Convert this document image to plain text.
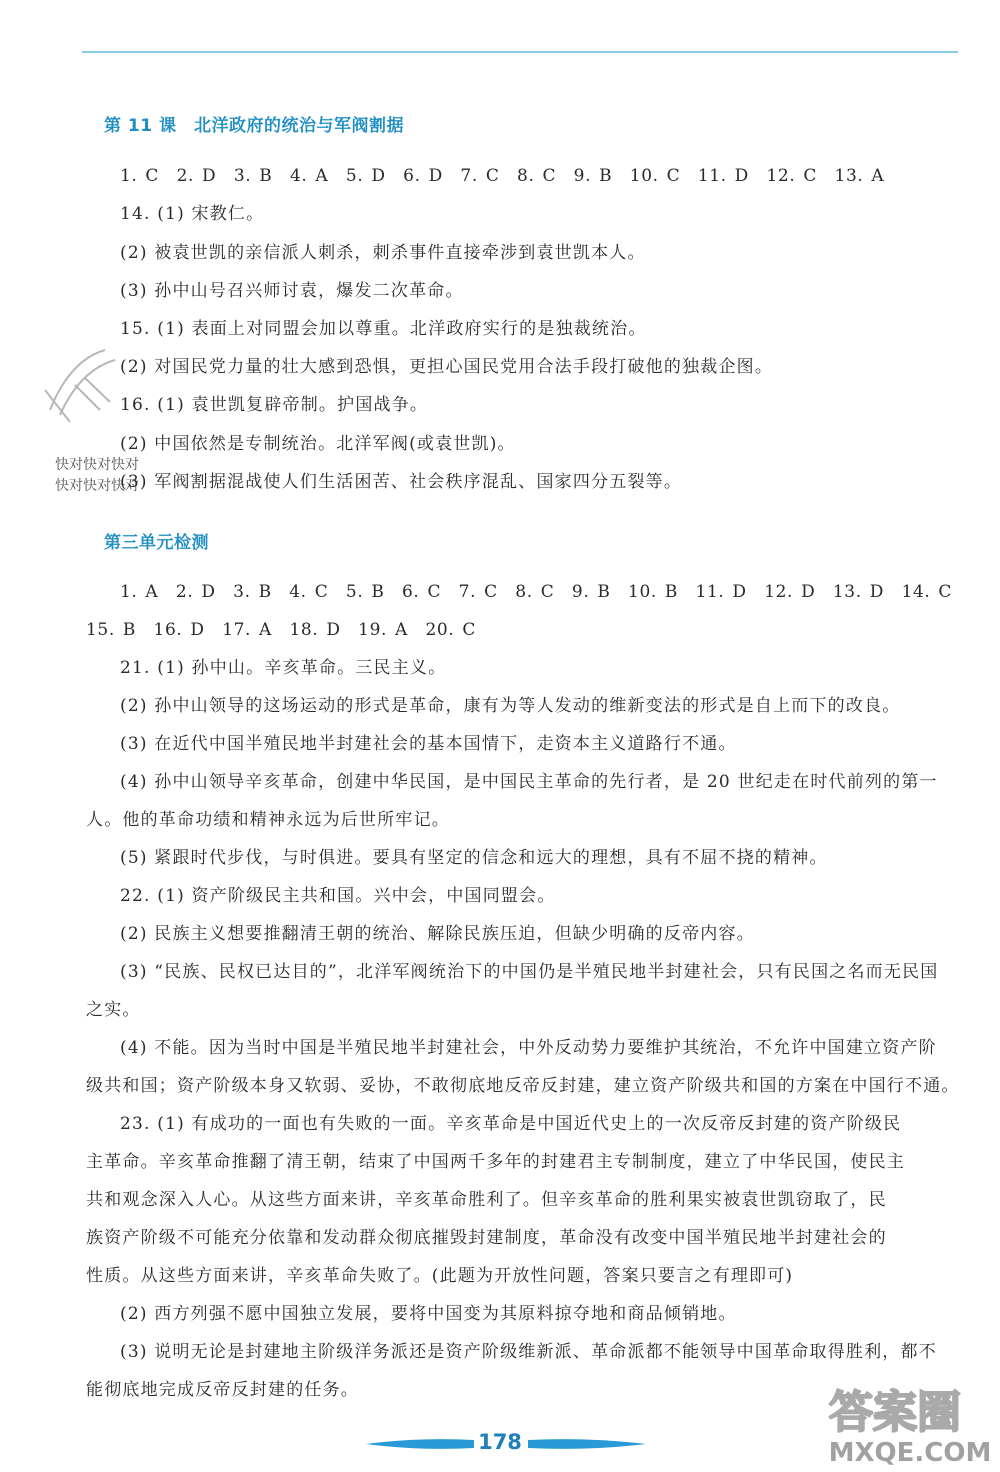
第 11 课　北洋政府的统治与军阀割据
1. C　2. D　3. B　4. A　5. D　6. D　7. C　8. C　9. B　10. C　11. D　12. C　13. A
14. (1) 宋教仁。
(2) 被袁世凯的亲信派人刺杀，刺杀事件直接牵涉到袁世凯本人。
(3) 孙中山号召兴师讨袁，爆发二次革命。
15. (1) 表面上对同盟会加以尊重。北洋政府实行的是独裁统治。
(2) 对国民党力量的壮大感到恐惧，更担心国民党用合法手段打破他的独裁企图。
16. (1) 袁世凯复辟帝制。护国战争。
(2) 中国依然是专制统治。北洋军阀(或袁世凯)。
(3) 军阀割据混战使人们生活困苦、社会秩序混乱、国家四分五裂等。
快对快对快对
快对快对快对
第三单元检测
1. A　2. D　3. B　4. C　5. B　6. C　7. C　8. C　9. B　10. B　11. D　12. D　13. D　14. C
15. B　16. D　17. A　18. D　19. A　20. C
21. (1) 孙中山。辛亥革命。三民主义。
(2) 孙中山领导的这场运动的形式是革命，康有为等人发动的维新变法的形式是自上而下的改良。
(3) 在近代中国半殖民地半封建社会的基本国情下，走资本主义道路行不通。
(4) 孙中山领导辛亥革命，创建中华民国，是中国民主革命的先行者，是 20 世纪走在时代前列的第一
人。他的革命功绩和精神永远为后世所牢记。
(5) 紧跟时代步伐，与时俱进。要具有坚定的信念和远大的理想，具有不屈不挠的精神。
22. (1) 资产阶级民主共和国。兴中会，中国同盟会。
(2) 民族主义想要推翻清王朝的统治、解除民族压迫，但缺少明确的反帝内容。
(3) “民族、民权已达目的”，北洋军阀统治下的中国仍是半殖民地半封建社会，只有民国之名而无民国
之实。
(4) 不能。因为当时中国是半殖民地半封建社会，中外反动势力要维护其统治，不允许中国建立资产阶
级共和国；资产阶级本身又软弱、妥协，不敢彻底地反帝反封建，建立资产阶级共和国的方案在中国行不通。
23. (1) 有成功的一面也有失败的一面。辛亥革命是中国近代史上的一次反帝反封建的资产阶级民
主革命。辛亥革命推翻了清王朝，结束了中国两千多年的封建君主专制制度，建立了中华民国，使民主
共和观念深入人心。从这些方面来讲，辛亥革命胜利了。但辛亥革命的胜利果实被袁世凯窃取了，民
族资产阶级不可能充分依靠和发动群众彻底摧毁封建制度，革命没有改变中国半殖民地半封建社会的
性质。从这些方面来讲，辛亥革命失败了。(此题为开放性问题，答案只要言之有理即可)
(2) 西方列强不愿中国独立发展，要将中国变为其原料掠夺地和商品倾销地。
(3) 说明无论是封建地主阶级洋务派还是资产阶级维新派、革命派都不能领导中国革命取得胜利，都不
能彻底地完成反帝反封建的任务。
178
答案圈
MXQE.COM
